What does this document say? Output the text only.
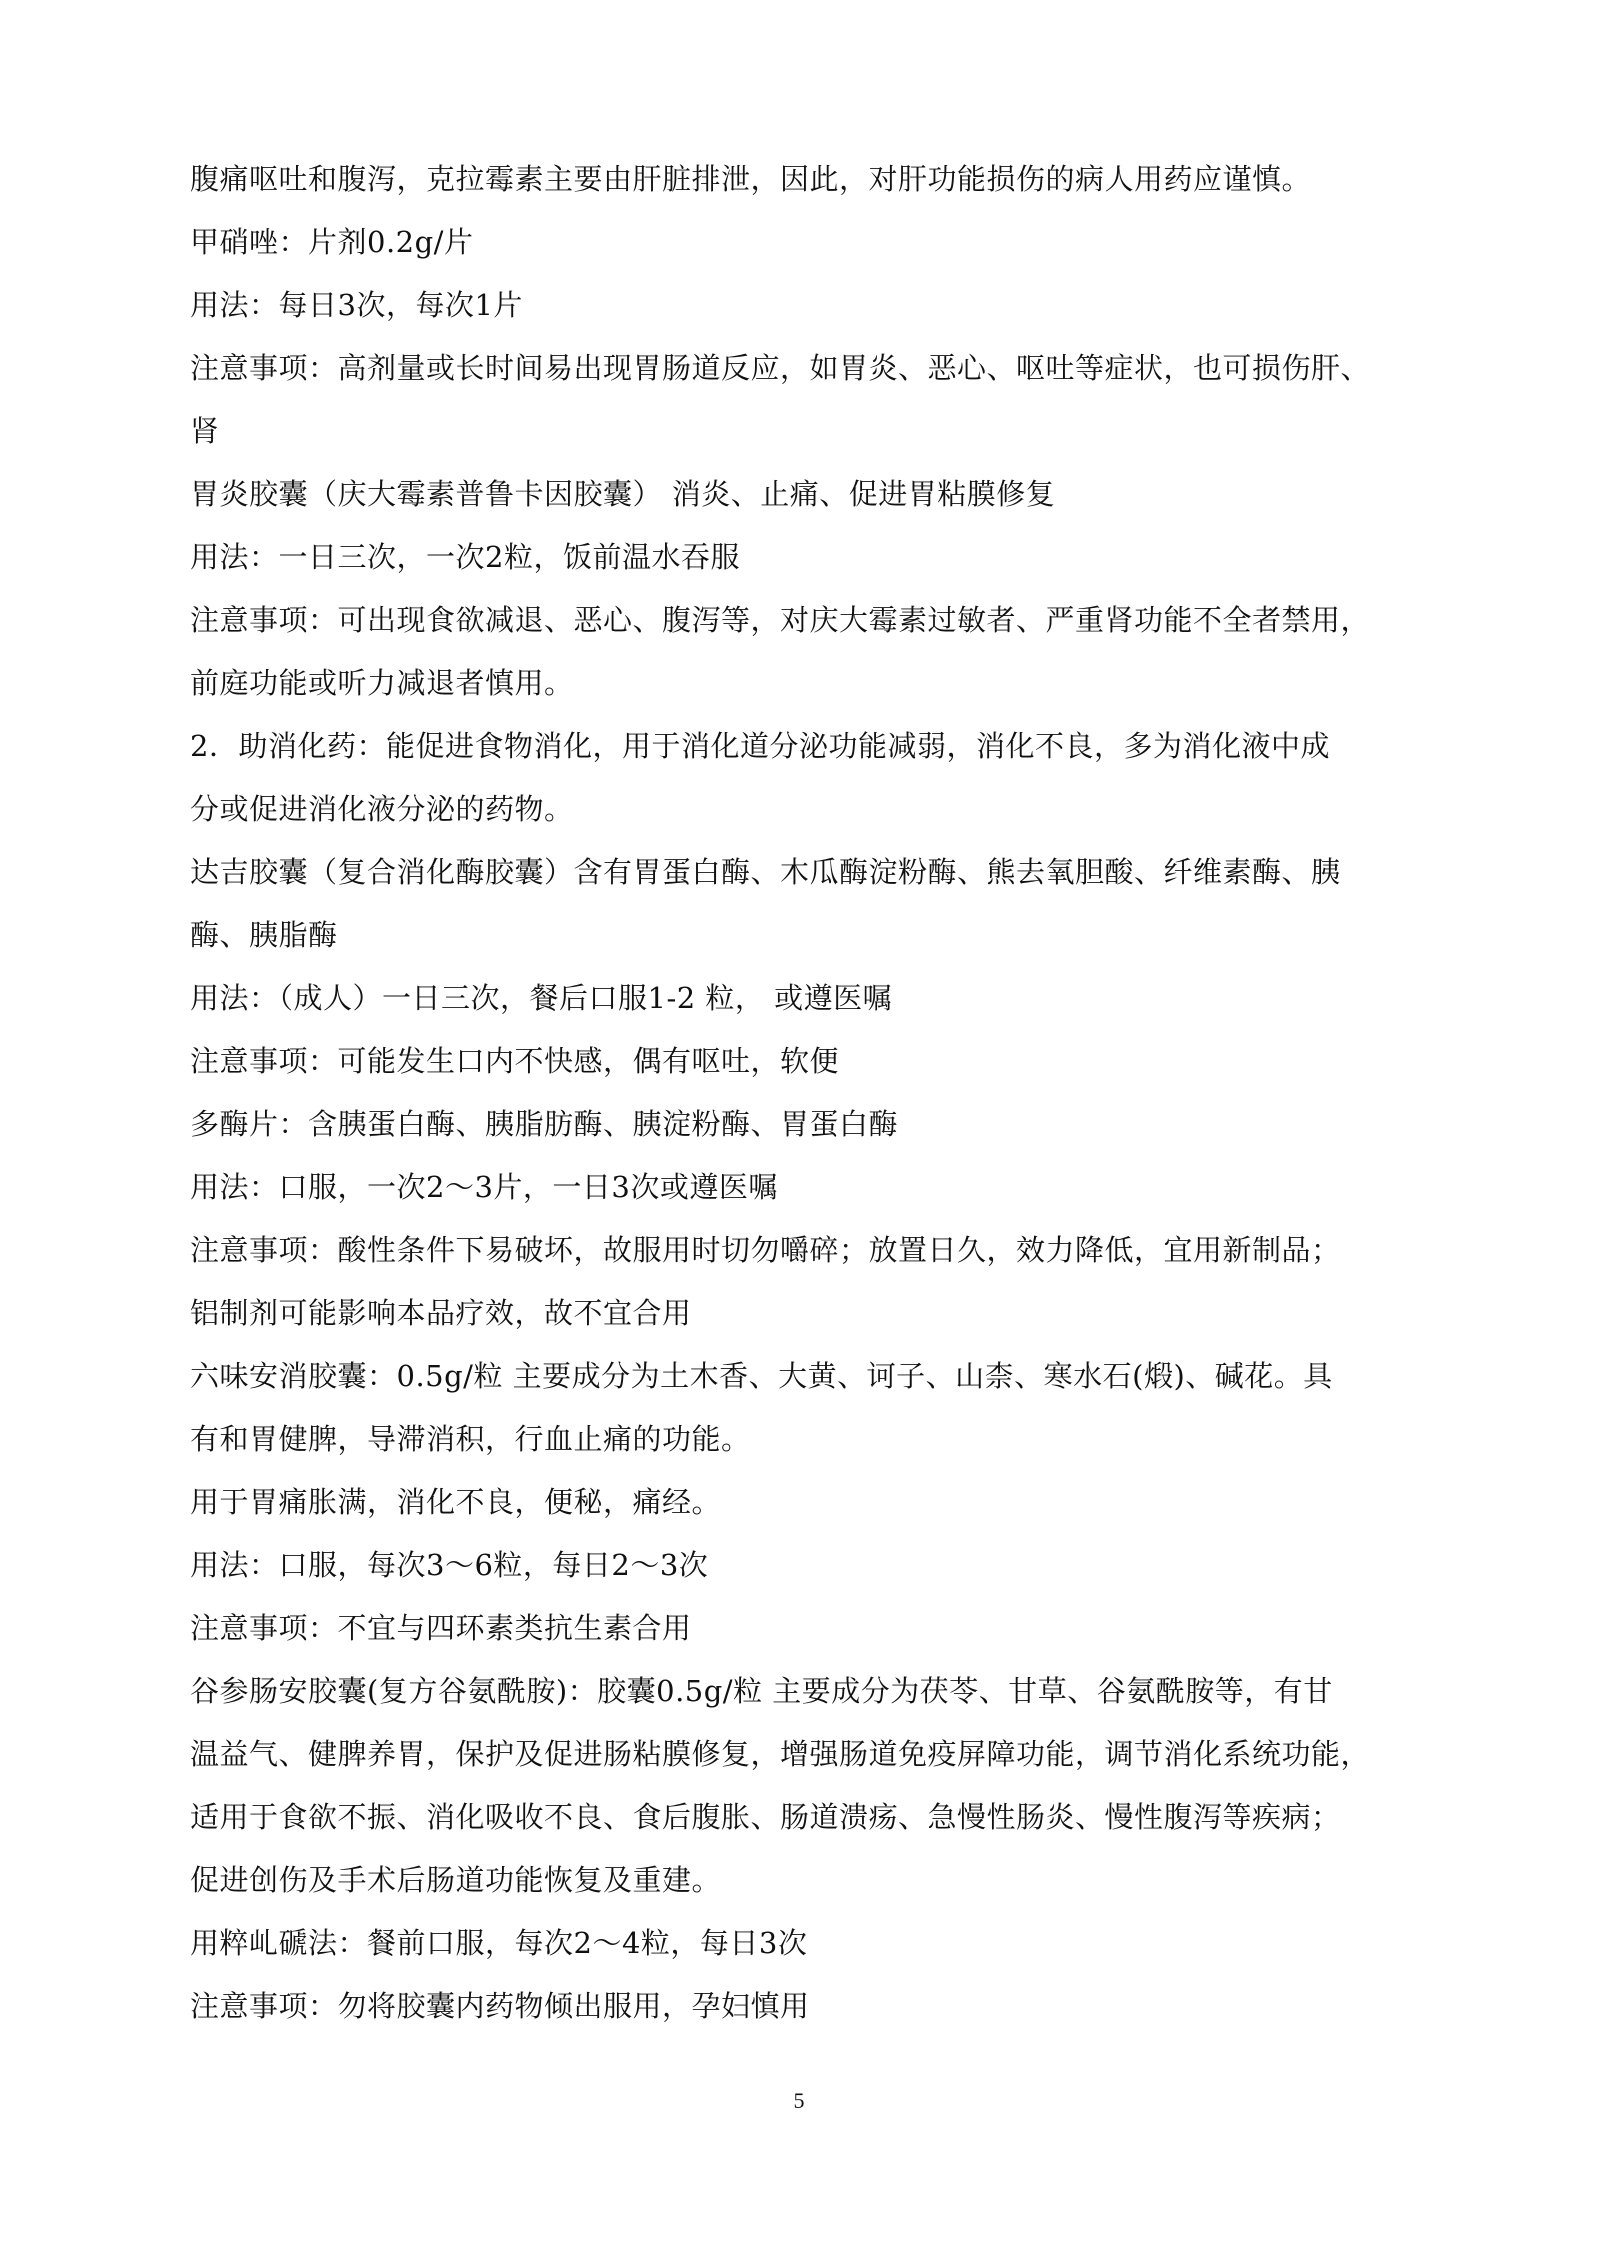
腹痛呕吐和腹泻，克拉霉素主要由肝脏排泄，因此，对肝功能损伤的病人用药应谨慎。
甲硝唑：片剂0.2g/片
用法：每日3次，每次1片
注意事项：高剂量或长时间易出现胃肠道反应，如胃炎、恶心、呕吐等症状，也可损伤肝、
肾
胃炎胶囊（庆大霉素普鲁卡因胶囊） 消炎、止痛、促进胃粘膜修复
用法：一日三次，一次2粒，饭前温水吞服
注意事项：可出现食欲减退、恶心、腹泻等，对庆大霉素过敏者、严重肾功能不全者禁用，
前庭功能或听力减退者慎用。
2．助消化药：能促进食物消化，用于消化道分泌功能减弱，消化不良，多为消化液中成
分或促进消化液分泌的药物。
达吉胶囊（复合消化酶胶囊）含有胃蛋白酶、木瓜酶淀粉酶、熊去氧胆酸、纤维素酶、胰
酶、胰脂酶
用法：（成人）一日三次，餐后口服1-2 粒， 或遵医嘱
注意事项：可能发生口内不快感，偶有呕吐，软便
多酶片：含胰蛋白酶、胰脂肪酶、胰淀粉酶、胃蛋白酶
用法：口服，一次2～3片，一日3次或遵医嘱
注意事项：酸性条件下易破坏，故服用时切勿嚼碎；放置日久，效力降低，宜用新制品；
铝制剂可能影响本品疗效，故不宜合用
六味安消胶囊：0.5g/粒 主要成分为土木香、大黄、诃子、山柰、寒水石(煅)、碱花。具
有和胃健脾，导滞消积，行血止痛的功能。
用于胃痛胀满，消化不良，便秘，痛经。
用法：口服，每次3～6粒，每日2～3次
注意事项：不宜与四环素类抗生素合用
谷参肠安胶囊(复方谷氨酰胺)：胶囊0.5g/粒 主要成分为茯苓、甘草、谷氨酰胺等，有甘
温益气、健脾养胃，保护及促进肠粘膜修复，增强肠道免疫屏障功能，调节消化系统功能，
适用于食欲不振、消化吸收不良、食后腹胀、肠道溃疡、急慢性肠炎、慢性腹泻等疾病；
促进创伤及手术后肠道功能恢复及重建。
用粹乢磃法：餐前口服，每次2～4粒，每日3次
注意事项：勿将胶囊内药物倾出服用，孕妇慎用
5
